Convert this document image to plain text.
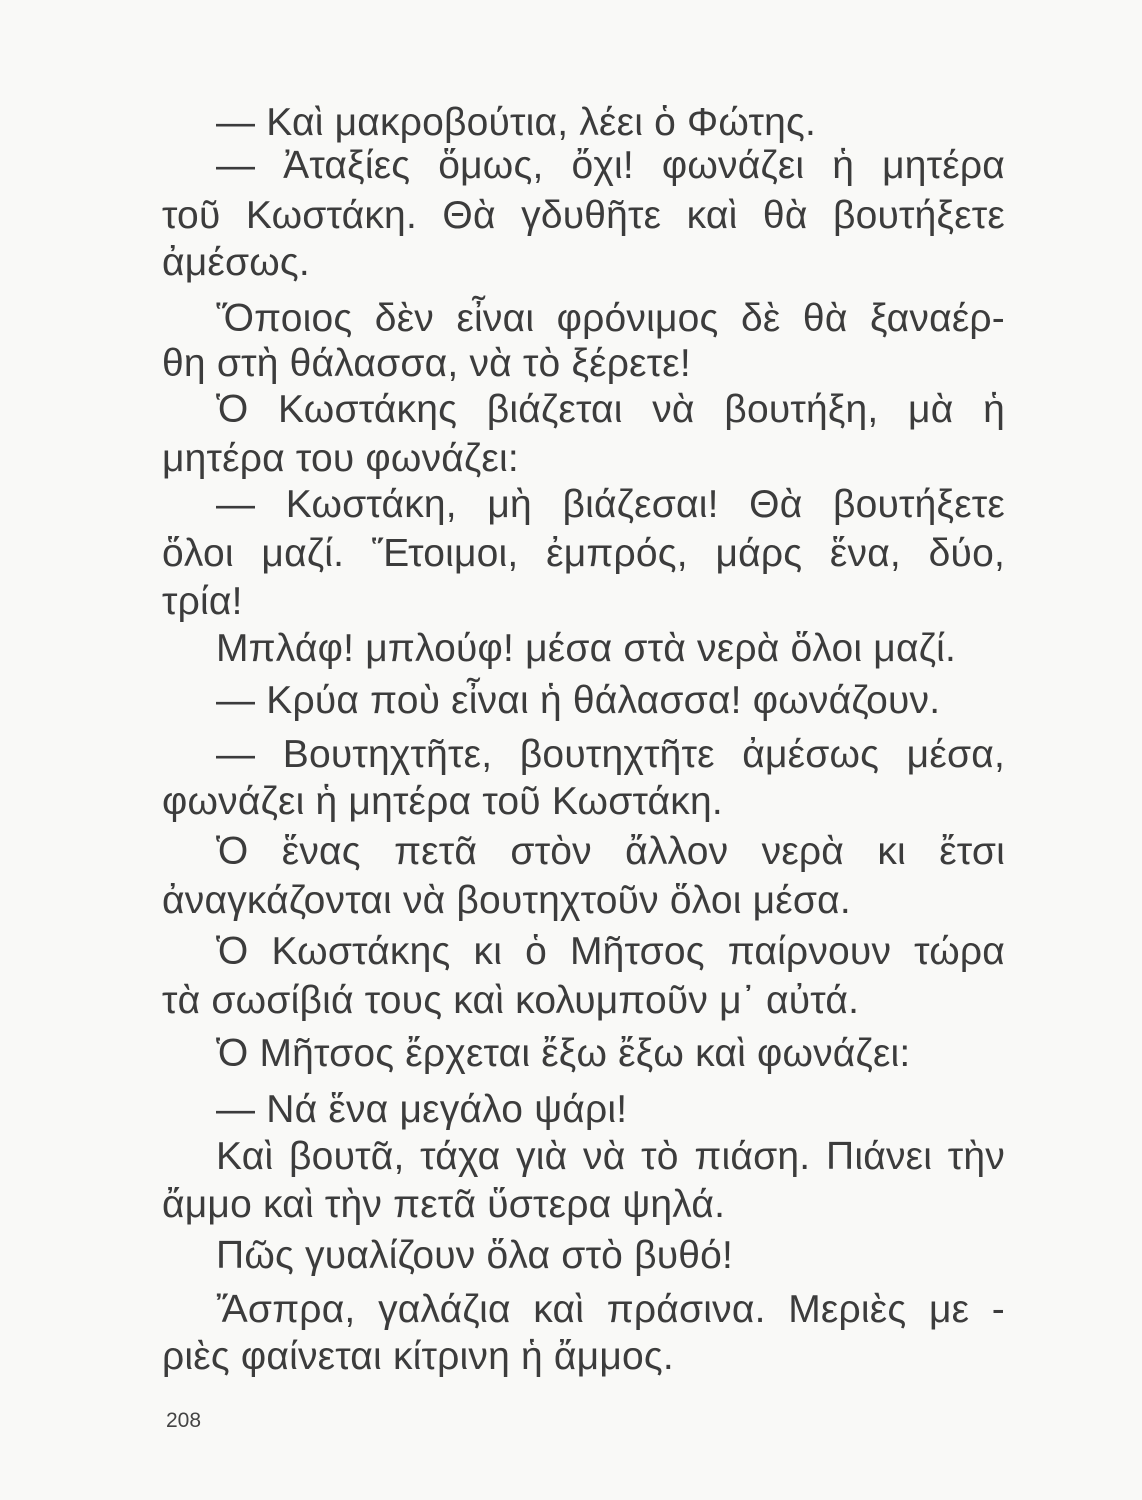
— Καὶ μακροβούτια, λέει ὁ Φώτης.
— Ἀταξίες ὅμως, ὄχι! φωνάζει ἡ μητέρα
τοῦ Κωστάκη. Θὰ γδυθῆτε καὶ θὰ βουτήξετε
ἀμέσως.
Ὅποιος δὲν εἶναι φρόνιμος δὲ θὰ ξαναέρ-
θη στὴ θάλασσα, νὰ τὸ ξέρετε!
Ὁ Κωστάκης βιάζεται νὰ βουτήξη, μὰ ἡ
μητέρα του φωνάζει:
— Κωστάκη, μὴ βιάζεσαι! Θὰ βουτήξετε
ὅλοι μαζί. Ἕτοιμοι, ἐμπρός, μάρς ἕνα, δύο,
τρία!
Μπλάφ! μπλούφ! μέσα στὰ νερὰ ὅλοι μαζί.
— Κρύα ποὺ εἶναι ἡ θάλασσα! φωνάζουν.
— Βουτηχτῆτε, βουτηχτῆτε ἀμέσως μέσα,
φωνάζει ἡ μητέρα τοῦ Κωστάκη.
Ὁ ἕνας πετᾶ στὸν ἄλλον νερὰ κι ἔτσι
ἀναγκάζονται νὰ βουτηχτοῦν ὅλοι μέσα.
Ὁ Κωστάκης κι ὁ Μῆτσος παίρνουν τώρα
τὰ σωσίβιά τους καὶ κολυμποῦν μ᾿ αὐτά.
Ὁ Μῆτσος ἔρχεται ἔξω ἔξω καὶ φωνάζει:
— Νά ἕνα μεγάλο ψάρι!
Καὶ βουτᾶ, τάχα γιὰ νὰ τὸ πιάση. Πιάνει τὴν
ἄμμο καὶ τὴν πετᾶ ὕστερα ψηλά.
Πῶς γυαλίζουν ὅλα στὸ βυθό!
Ἄσπρα, γαλάζια καὶ πράσινα. Μεριὲς με -
ριὲς φαίνεται κίτρινη ἡ ἄμμος.
208
